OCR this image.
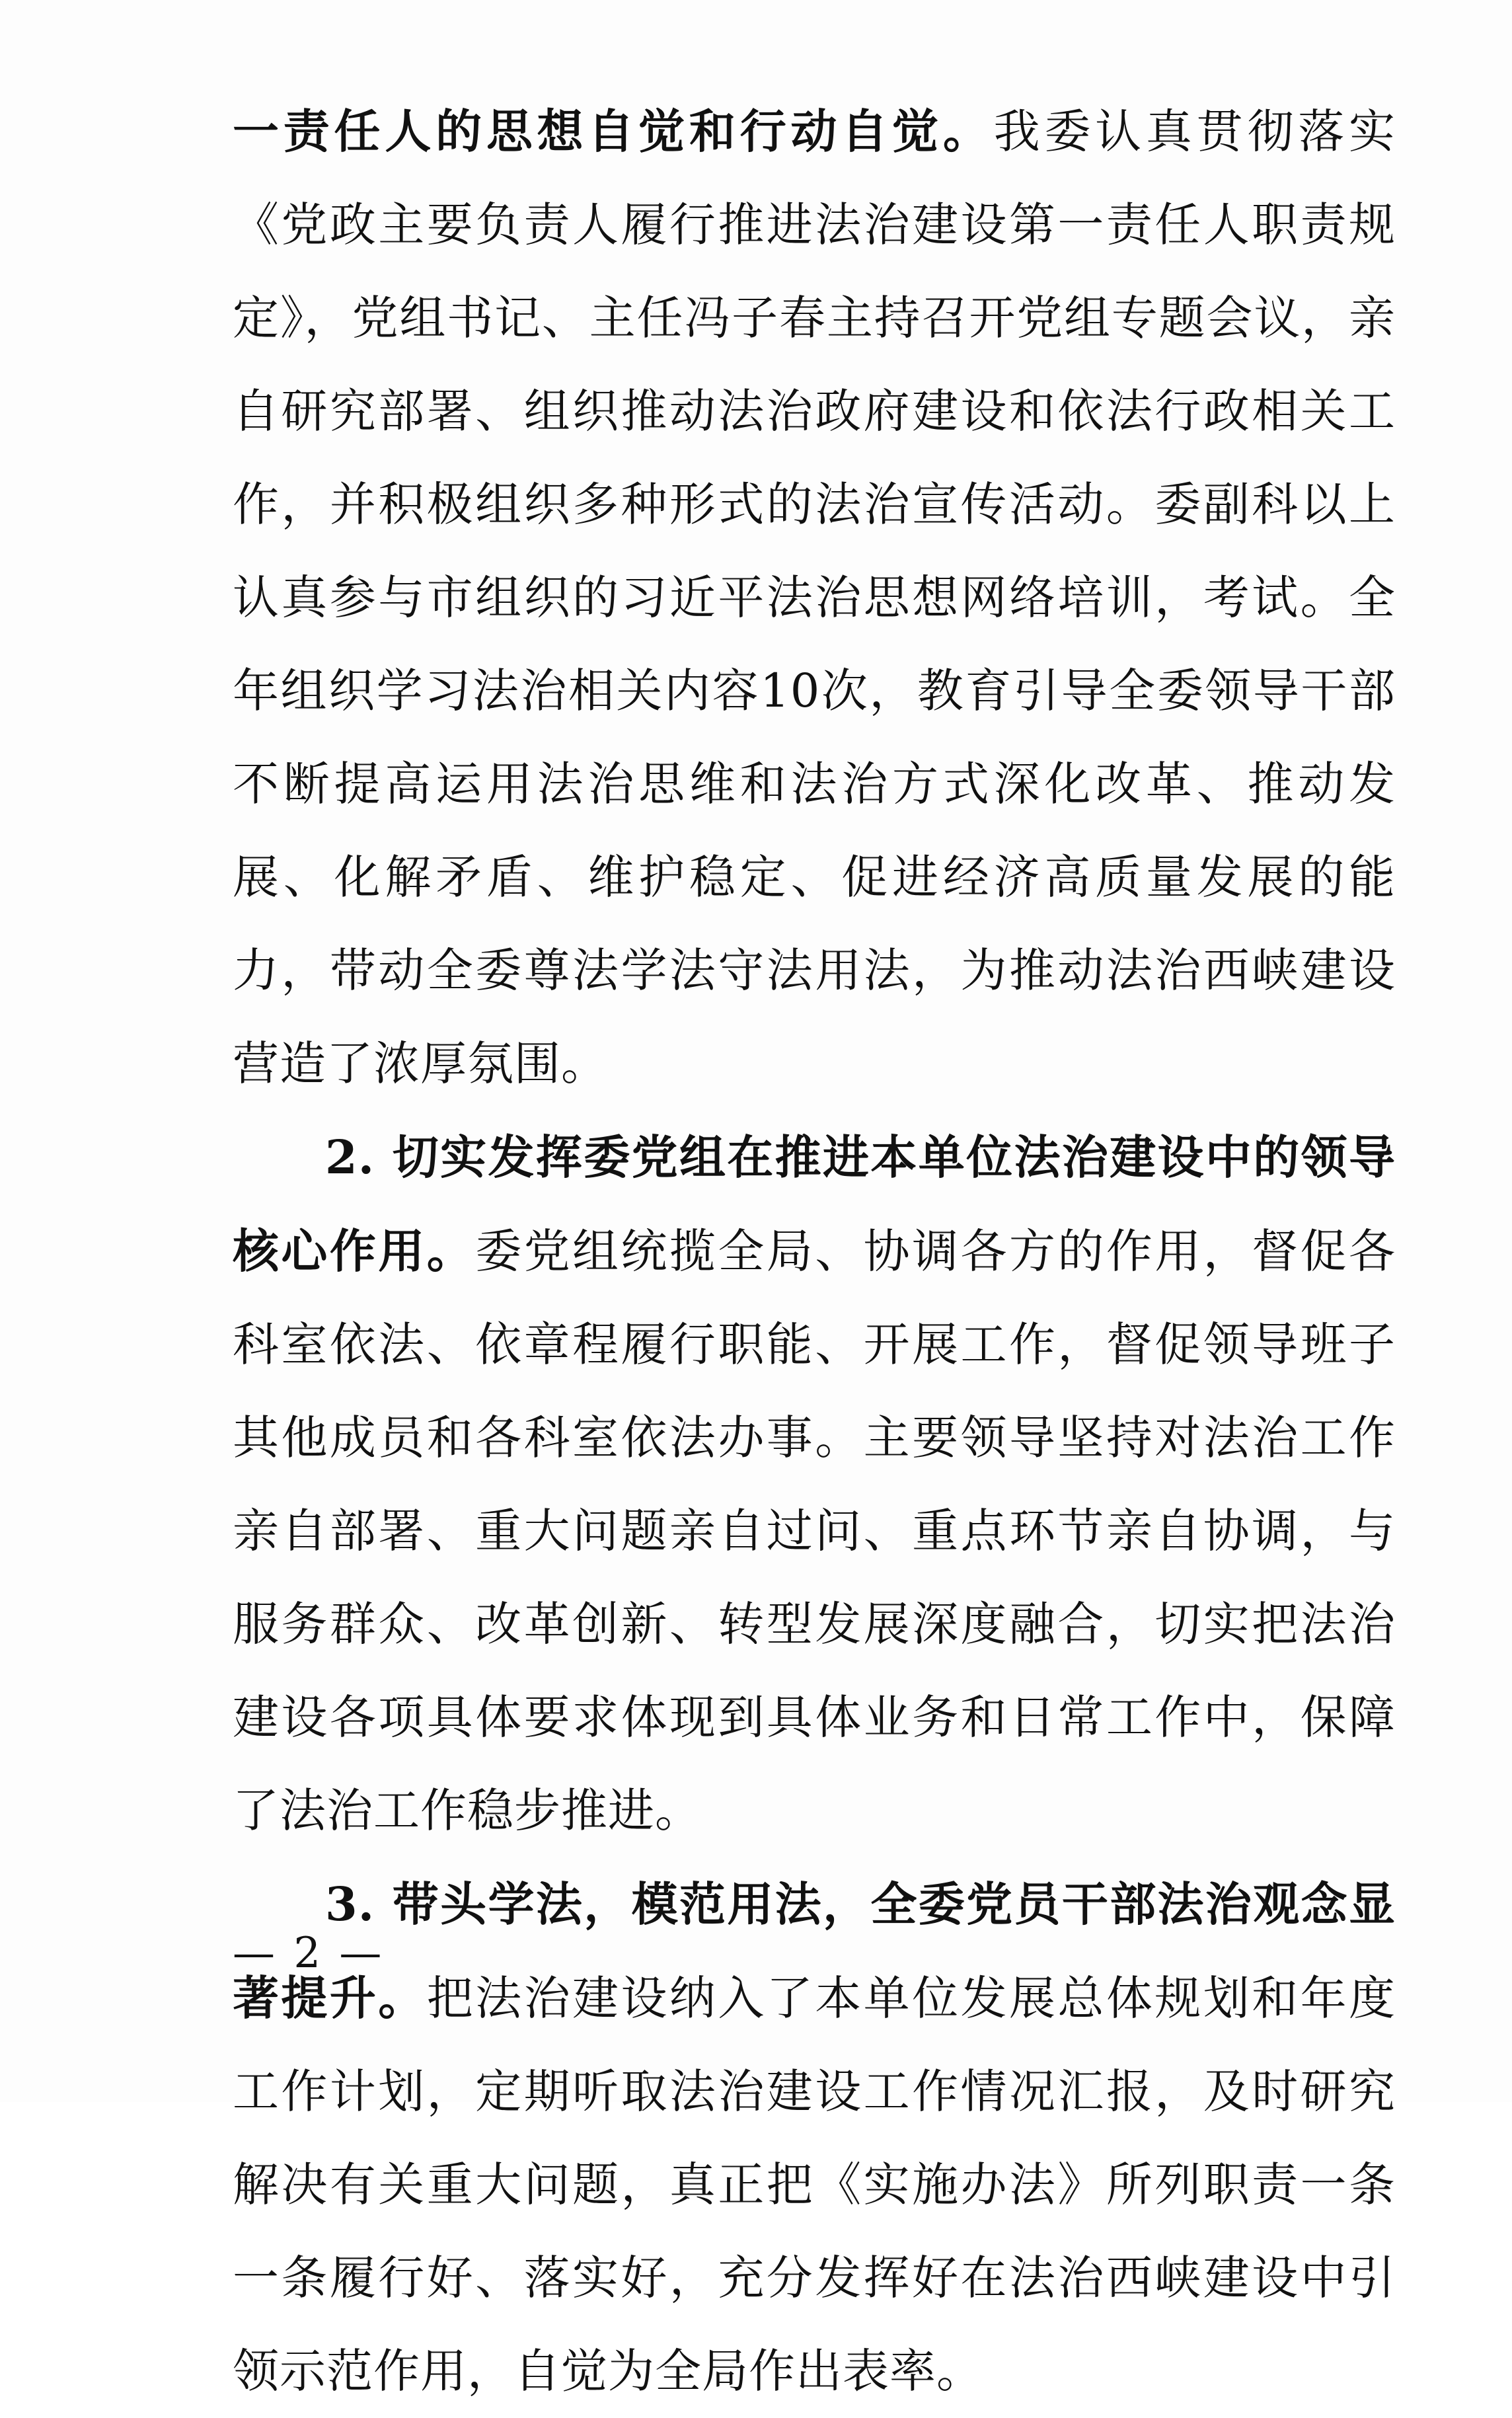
一责任人的思想自觉和行动自觉。我委认真贯彻落实《党政主要负责人履行推进法治建设第一责任人职责规定》，党组书记、主任冯子春主持召开党组专题会议，亲自研究部署、组织推动法治政府建设和依法行政相关工作，并积极组织多种形式的法治宣传活动。委副科以上认真参与市组织的习近平法治思想网络培训，考试。全年组织学习法治相关内容10次，教育引导全委领导干部不断提高运用法治思维和法治方式深化改革、推动发展、化解矛盾、维护稳定、促进经济高质量发展的能力，带动全委尊法学法守法用法，为推动法治西峡建设营造了浓厚氛围。

2. 切实发挥委党组在推进本单位法治建设中的领导核心作用。委党组统揽全局、协调各方的作用，督促各科室依法、依章程履行职能、开展工作，督促领导班子其他成员和各科室依法办事。主要领导坚持对法治工作亲自部署、重大问题亲自过问、重点环节亲自协调，与服务群众、改革创新、转型发展深度融合，切实把法治建设各项具体要求体现到具体业务和日常工作中，保障了法治工作稳步推进。

3. 带头学法，模范用法，全委党员干部法治观念显著提升。把法治建设纳入了本单位发展总体规划和年度工作计划，定期听取法治建设工作情况汇报，及时研究解决有关重大问题，真正把《实施办法》所列职责一条一条履行好、落实好，充分发挥好在法治西峡建设中引领示范作用，自觉为全局作出表率。

— 2 —
